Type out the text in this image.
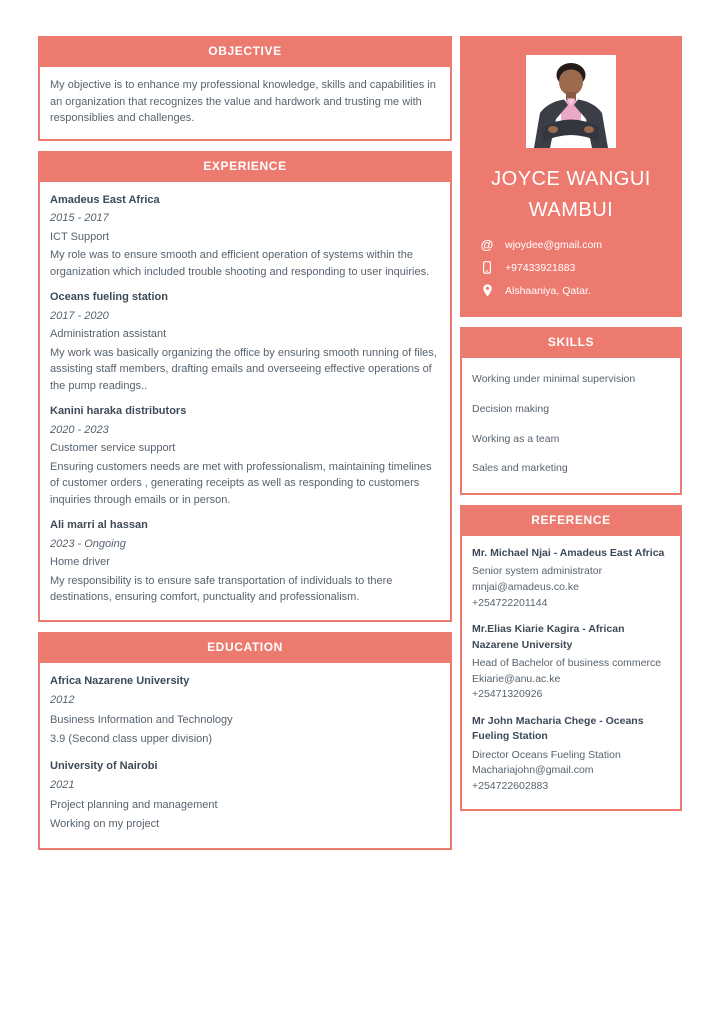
OBJECTIVE

My objective is to enhance my professional knowledge, skills and capabilities in an organization that recognizes the value and hardwork and trusting me with responsiblies and challenges.

EXPERIENCE
Amadeus East Africa
2015 - 2017
ICT Support
My role was to ensure smooth and efficient operation of systems within the organization which included trouble shooting and responding to user inquiries.
Oceans fueling station
2017 - 2020
Administration assistant
My work was basically organizing the office by ensuring smooth running of files, assisting staff members, drafting emails and overseeing effective operations of the pump readings..
Kanini haraka distributors
2020 - 2023
Customer service support
Ensuring customers needs are met with professionalism, maintaining timelines of customer orders , generating receipts as well as responding to customers inquiries through emails or in person.
Ali marri al hassan
2023 - Ongoing
Home driver
My responsibility is to ensure safe transportation of individuals to there destinations, ensuring comfort, punctuality and professionalism.
EDUCATION
Africa Nazarene University
2012
Business Information and Technology
3.9 (Second class upper division)
University of Nairobi
2021
Project planning and management
Working on my project
JOYCE WANGUI WAMBUI
@ wjoydee@gmail.com
+97433921883
Alshaaniya, Qatar.
SKILLS
Working under minimal supervision
Decision making
Working as a team
Sales and marketing
REFERENCE
Mr. Michael Njai - Amadeus East Africa
Senior system administrator
mnjai@amadeus.co.ke
+254722201144
Mr.Elias Kiarie Kagira - African Nazarene University
Head of Bachelor of business commerce
Ekiarie@anu.ac.ke
+25471320926
Mr John Macharia Chege - Oceans Fueling Station
Director Oceans Fueling Station
Machariajohn@gmail.com
+254722602883
